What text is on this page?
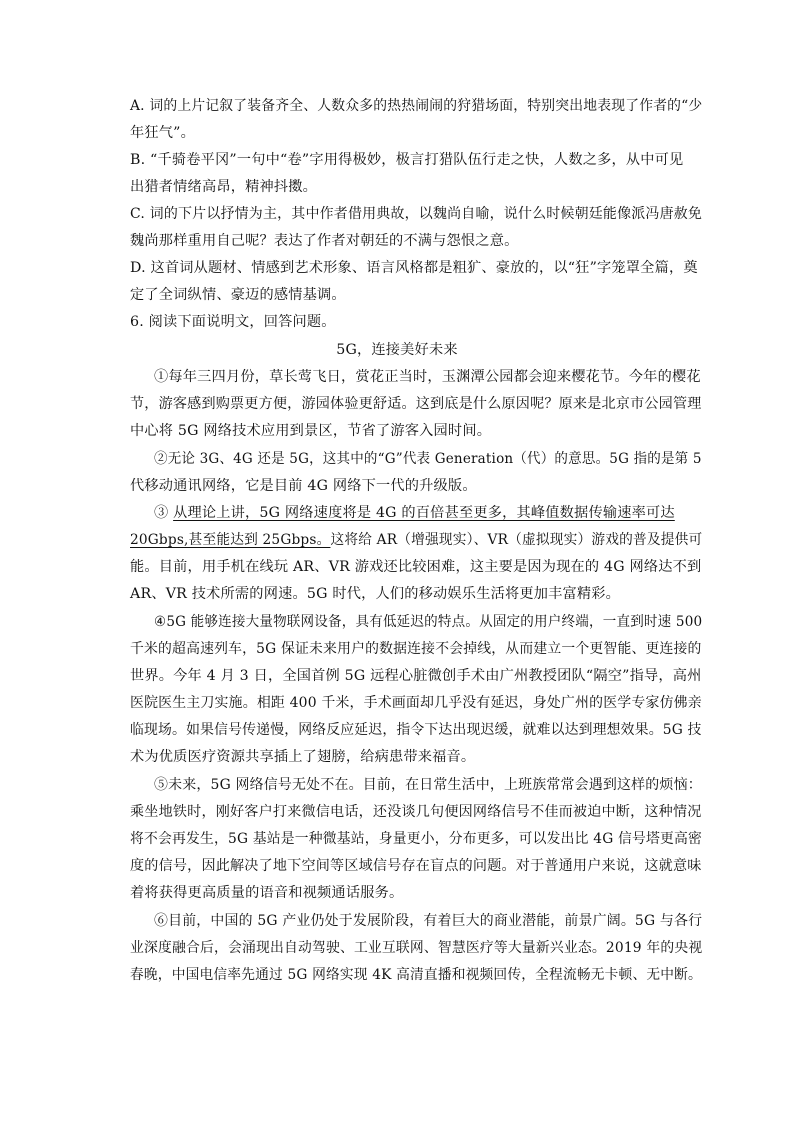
A. 词的上片记叙了装备齐全、人数众多的热热闹闹的狩猎场面，特别突出地表现了作者的“少
年狂气”。
B. “千骑卷平冈”一句中“卷”字用得极妙，极言打猎队伍行走之快，人数之多，从中可见
出猎者情绪高昂，精神抖擞。
C. 词的下片以抒情为主，其中作者借用典故，以魏尚自喻，说什么时候朝廷能像派冯唐赦免
魏尚那样重用自己呢？表达了作者对朝廷的不满与怨恨之意。
D. 这首词从题材、情感到艺术形象、语言风格都是粗犷、豪放的，以“狂”字笼罩全篇，奠
定了全词纵情、豪迈的感情基调。
6. 阅读下面说明文，回答问题。
5G，连接美好未来
①每年三四月份，草长莺飞日，赏花正当时，玉渊潭公园都会迎来樱花节。今年的樱花
节，游客感到购票更方便，游园体验更舒适。这到底是什么原因呢？原来是北京市公园管理
中心将 5G 网络技术应用到景区，节省了游客入园时间。
②无论 3G、4G 还是 5G，这其中的“G”代表 Generation（代）的意思。5G 指的是第 5
代移动通讯网络，它是目前 4G 网络下一代的升级版。
③ 从理论上讲，5G 网络速度将是 4G 的百倍甚至更多，其峰值数据传输速率可达
20Gbps,甚至能达到 25Gbps。这将给 AR（增强现实）、VR（虚拟现实）游戏的普及提供可
能。目前，用手机在线玩 AR、VR 游戏还比较困难，这主要是因为现在的 4G 网络达不到
AR、VR 技术所需的网速。5G 时代，人们的移动娱乐生活将更加丰富精彩。
④5G 能够连接大量物联网设备，具有低延迟的特点。从固定的用户终端，一直到时速 500
千米的超高速列车，5G 保证未来用户的数据连接不会掉线，从而建立一个更智能、更连接的
世界。今年 4 月 3 日，全国首例 5G 远程心脏微创手术由广州教授团队“隔空”指导，高州
医院医生主刀实施。相距 400 千米，手术画面却几乎没有延迟，身处广州的医学专家仿佛亲
临现场。如果信号传递慢，网络反应延迟，指令下达出现迟缓，就难以达到理想效果。5G 技
术为优质医疗资源共享插上了翅膀，给病患带来福音。
⑤未来，5G 网络信号无处不在。目前，在日常生活中，上班族常常会遇到这样的烦恼：
乘坐地铁时，刚好客户打来微信电话，还没谈几句便因网络信号不佳而被迫中断，这种情况
将不会再发生，5G 基站是一种微基站，身量更小，分布更多，可以发出比 4G 信号塔更高密
度的信号，因此解决了地下空间等区域信号存在盲点的问题。对于普通用户来说，这就意味
着将获得更高质量的语音和视频通话服务。
⑥目前，中国的 5G 产业仍处于发展阶段，有着巨大的商业潜能，前景广阔。5G 与各行
业深度融合后，会涌现出自动驾驶、工业互联网、智慧医疗等大量新兴业态。2019 年的央视
春晚，中国电信率先通过 5G 网络实现 4K 高清直播和视频回传，全程流畅无卡顿、无中断。
